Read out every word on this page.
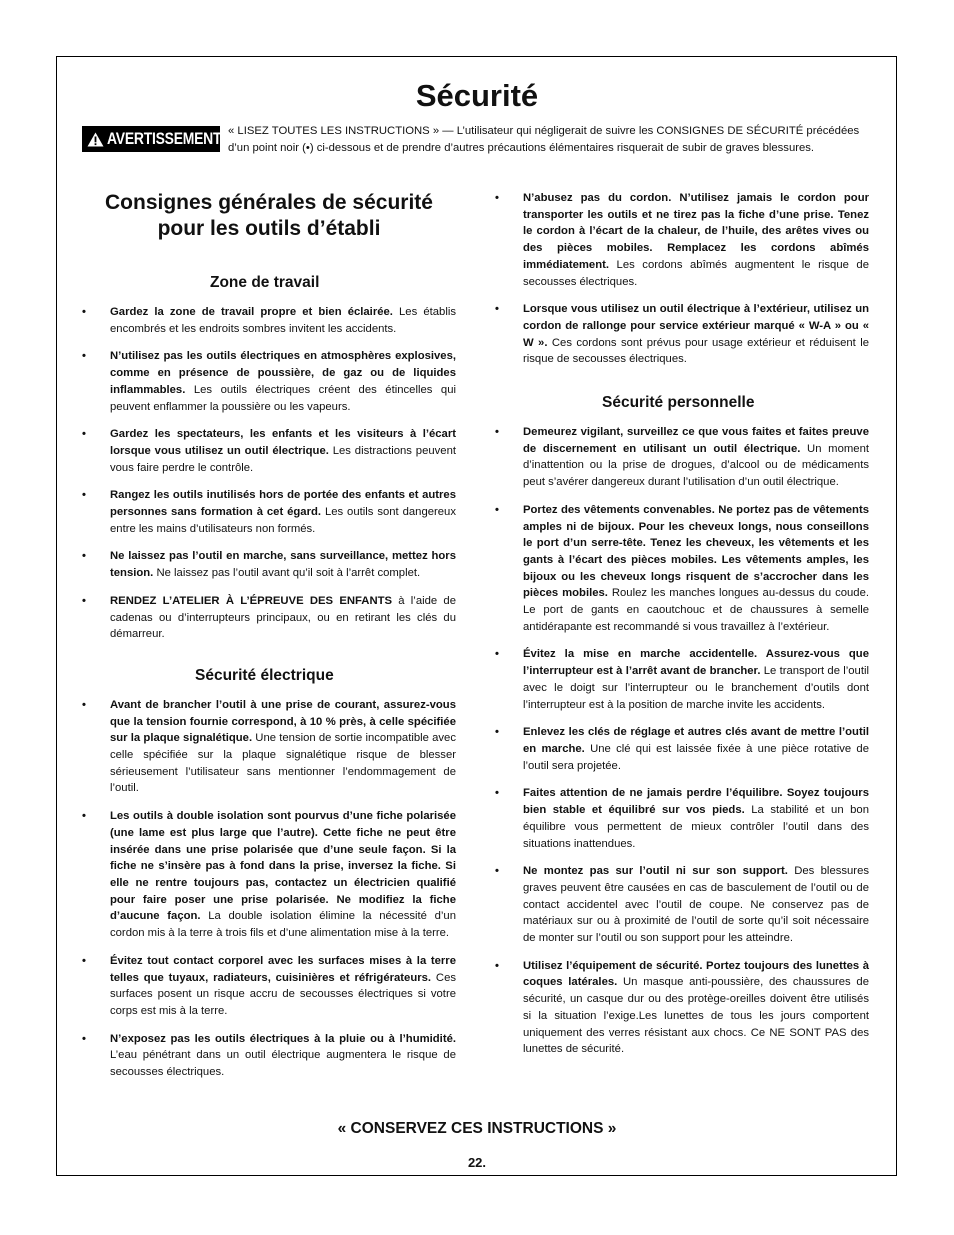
Sécurité
AVERTISSEMENT « LISEZ TOUTES LES INSTRUCTIONS » — L’utilisateur qui négligerait de suivre les CONSIGNES DE SÉCURITÉ précédées d’un point noir (•) ci-dessous et de prendre d’autres précautions élémentaires risquerait de subir de graves blessures.

Consignes générales de sécurité
pour les outils d’établi
Zone de travail
• Gardez la zone de travail propre et bien éclairée. Les établis encombrés et les endroits sombres invitent les accidents.
• N’utilisez pas les outils électriques en atmosphères explosives, comme en présence de poussière, de gaz ou de liquides inflammables. Les outils électriques créent des étincelles qui peuvent enflammer la poussière ou les vapeurs.
• Gardez les spectateurs, les enfants et les visiteurs à l’écart lorsque vous utilisez un outil électrique. Les distractions peuvent vous faire perdre le contrôle.
• Rangez les outils inutilisés hors de portée des enfants et autres personnes sans formation à cet égard. Les outils sont dangereux entre les mains d’utilisateurs non formés.
• Ne laissez pas l’outil en marche, sans surveillance, mettez hors tension. Ne laissez pas l’outil avant qu’il soit à l’arrêt complet.
• RENDEZ L’ATELIER À L’ÉPREUVE DES ENFANTS à l’aide de cadenas ou d’interrupteurs principaux, ou en retirant les clés du démarreur.
Sécurité électrique
• Avant de brancher l’outil à une prise de courant, assurez-vous que la tension fournie correspond, à 10 % près, à celle spécifiée sur la plaque signalétique. Une tension de sortie incompatible avec celle spécifiée sur la plaque signalétique risque de blesser sérieusement l’utilisateur sans mentionner l’endommagement de l’outil.
• Les outils à double isolation sont pourvus d’une fiche polarisée (une lame est plus large que l’autre). Cette fiche ne peut être insérée dans une prise polarisée que d’une seule façon. Si la fiche ne s’insère pas à fond dans la prise, inversez la fiche. Si elle ne rentre toujours pas, contactez un électricien qualifié pour faire poser une prise polarisée. Ne modifiez la fiche d’aucune façon. La double isolation élimine la nécessité d’un cordon mis à la terre à trois fils et d’une alimentation mise à la terre.
• Évitez tout contact corporel avec les surfaces mises à la terre telles que tuyaux, radiateurs, cuisinières et réfrigérateurs. Ces surfaces posent un risque accru de secousses électriques si votre corps est mis à la terre.
• N’exposez pas les outils électriques à la pluie ou à l’humidité. L’eau pénétrant dans un outil électrique augmentera le risque de secousses électriques.
• N’abusez pas du cordon. N’utilisez jamais le cordon pour transporter les outils et ne tirez pas la fiche d’une prise. Tenez le cordon à l’écart de la chaleur, de l’huile, des arêtes vives ou des pièces mobiles. Remplacez les cordons abîmés immédiatement. Les cordons abîmés augmentent le risque de secousses électriques.
• Lorsque vous utilisez un outil électrique à l’extérieur, utilisez un cordon de rallonge pour service extérieur marqué « W-A » ou « W ». Ces cordons sont prévus pour usage extérieur et réduisent le risque de secousses électriques.
Sécurité personnelle
• Demeurez vigilant, surveillez ce que vous faites et faites preuve de discernement en utilisant un outil électrique. Un moment d’inattention ou la prise de drogues, d’alcool ou de médicaments peut s’avérer dangereux durant l’utilisation d’un outil électrique.
• Portez des vêtements convenables. Ne portez pas de vêtements amples ni de bijoux. Pour les cheveux longs, nous conseillons le port d’un serre-tête. Tenez les cheveux, les vêtements et les gants à l’écart des pièces mobiles. Les vêtements amples, les bijoux ou les cheveux longs risquent de s’accrocher dans les pièces mobiles. Roulez les manches longues au-dessus du coude. Le port de gants en caoutchouc et de chaussures à semelle antidérapante est recommandé si vous travaillez à l’extérieur.
• Évitez la mise en marche accidentelle. Assurez-vous que l’interrupteur est à l’arrêt avant de brancher. Le transport de l’outil avec le doigt sur l’interrupteur ou le branchement d’outils dont l’interrupteur est à la position de marche invite les accidents.
• Enlevez les clés de réglage et autres clés avant de mettre l’outil en marche. Une clé qui est laissée fixée à une pièce rotative de l’outil sera projetée.
• Faites attention de ne jamais perdre l’équilibre. Soyez toujours bien stable et équilibré sur vos pieds. La stabilité et un bon équilibre vous permettent de mieux contrôler l’outil dans des situations inattendues.
• Ne montez pas sur l’outil ni sur son support. Des blessures graves peuvent être causées en cas de basculement de l’outil ou de contact accidentel avec l’outil de coupe. Ne conservez pas de matériaux sur ou à proximité de l’outil de sorte qu’il soit nécessaire de monter sur l’outil ou son support pour les atteindre.
• Utilisez l’équipement de sécurité. Portez toujours des lunettes à coques latérales. Un masque anti-poussière, des chaussures de sécurité, un casque dur ou des protège-oreilles doivent être utilisés si la situation l’exige.Les lunettes de tous les jours comportent uniquement des verres résistant aux chocs. Ce NE SONT PAS des lunettes de sécurité.

« CONSERVEZ CES INSTRUCTIONS »

22.
